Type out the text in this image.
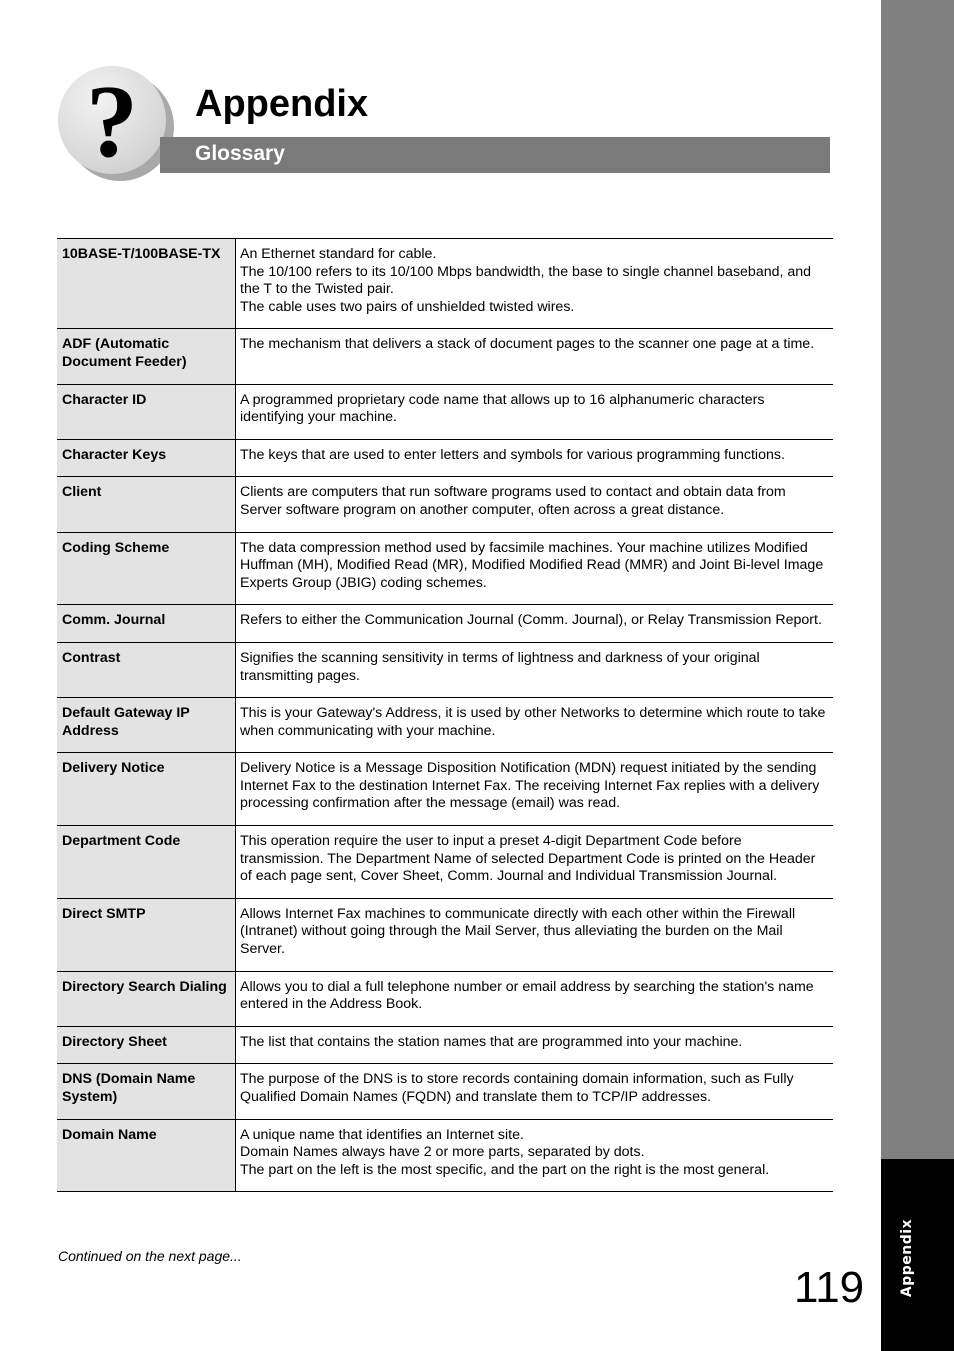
Appendix
? Appendix
Glossary
10BASE-T/100BASE-TX	An Ethernet standard for cable.
The 10/100 refers to its 10/100 Mbps bandwidth, the base to single channel baseband, and the T to the Twisted pair.
The cable uses two pairs of unshielded twisted wires.

ADF (Automatic Document Feeder)	The mechanism that delivers a stack of document pages to the scanner one page at a time.

Character ID	A programmed proprietary code name that allows up to 16 alphanumeric characters identifying your machine.

Character Keys	The keys that are used to enter letters and symbols for various programming functions.

Client	Clients are computers that run software programs used to contact and obtain data from Server software program on another computer, often across a great distance.

Coding Scheme	The data compression method used by facsimile machines. Your machine utilizes Modified Huffman (MH), Modified Read (MR), Modified Modified Read (MMR) and Joint Bi-level Image Experts Group (JBIG) coding schemes.

Comm. Journal	Refers to either the Communication Journal (Comm. Journal), or Relay Transmission Report.

Contrast	Signifies the scanning sensitivity in terms of lightness and darkness of your original transmitting pages.

Default Gateway IP Address	This is your Gateway's Address, it is used by other Networks to determine which route to take when communicating with your machine.

Delivery Notice	Delivery Notice is a Message Disposition Notification (MDN) request initiated by the sending Internet Fax to the destination Internet Fax. The receiving Internet Fax replies with a delivery processing confirmation after the message (email) was read.

Department Code	This operation require the user to input a preset 4-digit Department Code before transmission. The Department Name of selected Department Code is printed on the Header of each page sent, Cover Sheet, Comm. Journal and Individual Transmission Journal.

Direct SMTP	Allows Internet Fax machines to communicate directly with each other within the Firewall (Intranet) without going through the Mail Server, thus alleviating the burden on the Mail Server.

Directory Search Dialing	Allows you to dial a full telephone number or email address by searching the station's name entered in the Address Book.

Directory Sheet	The list that contains the station names that are programmed into your machine.

DNS (Domain Name System)	The purpose of the DNS is to store records containing domain information, such as Fully Qualified Domain Names (FQDN) and translate them to TCP/IP addresses.

Domain Name	A unique name that identifies an Internet site.
Domain Names always have 2 or more parts, separated by dots.
The part on the left is the most specific, and the part on the right is the most general.
Continued on the next page...
119
